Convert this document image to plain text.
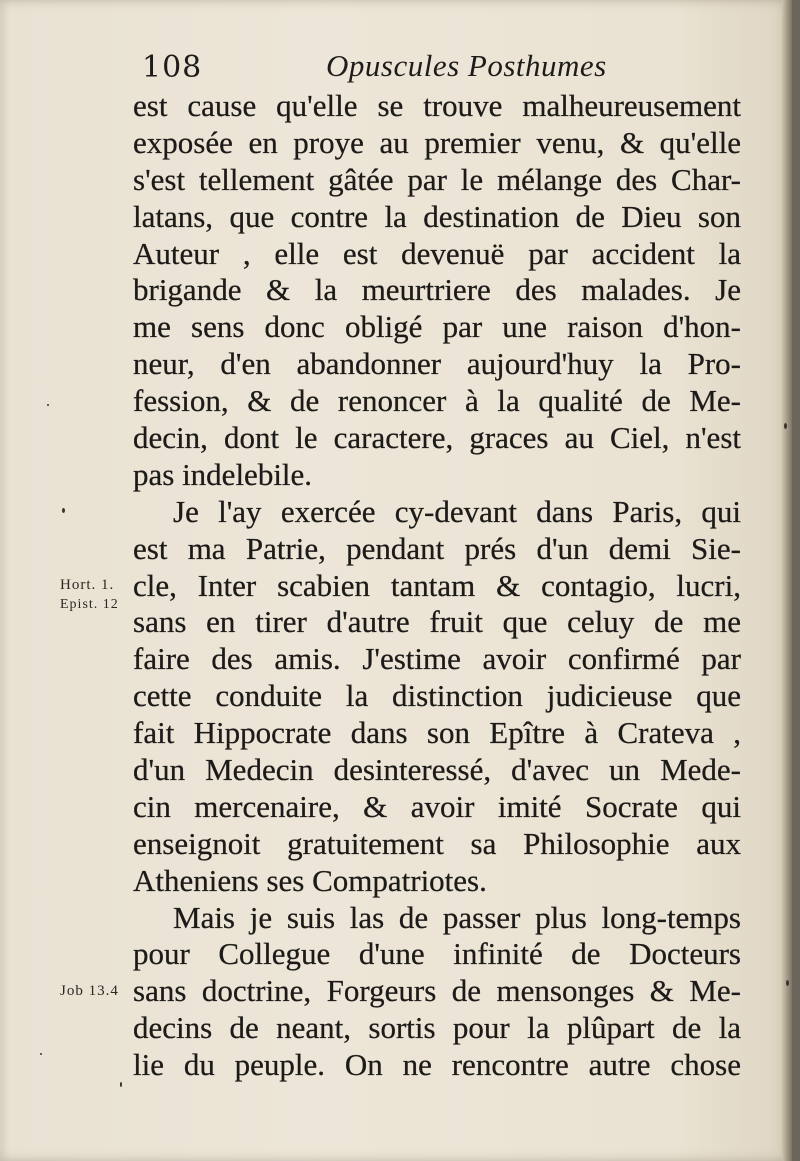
108	Opuscules Posthumes
est cause qu'elle se trouve malheureusement
exposée en proye au premier venu, & qu'elle
s'est tellement gâtée par le mélange des Char-
latans, que contre la destination de Dieu son
Auteur , elle est devenuë par accident la
brigande & la meurtriere des malades. Je
me sens donc obligé par une raison d'hon-
neur, d'en abandonner aujourd'huy la Pro-
fession, & de renoncer à la qualité de Me-
decin, dont le caractere, graces au Ciel, n'est
pas indelebile.
Je l'ay exercée cy-devant dans Paris, qui
est ma Patrie, pendant prés d'un demi Sie-
cle, Inter scabien tantam & contagio, lucri,
sans en tirer d'autre fruit que celuy de me
faire des amis. J'estime avoir confirmé par
cette conduite la distinction judicieuse que
fait Hippocrate dans son Epître à Crateva ,
d'un Medecin desinteressé, d'avec un Mede-
cin mercenaire, & avoir imité Socrate qui
enseignoit gratuitement sa Philosophie aux
Atheniens ses Compatriotes.
Mais je suis las de passer plus long-temps
pour Collegue d'une infinité de Docteurs
sans doctrine, Forgeurs de mensonges & Me-
decins de neant, sortis pour la plûpart de la
lie du peuple. On ne rencontre autre chose
Hort. 1.
Epist. 12
Job 13.4
